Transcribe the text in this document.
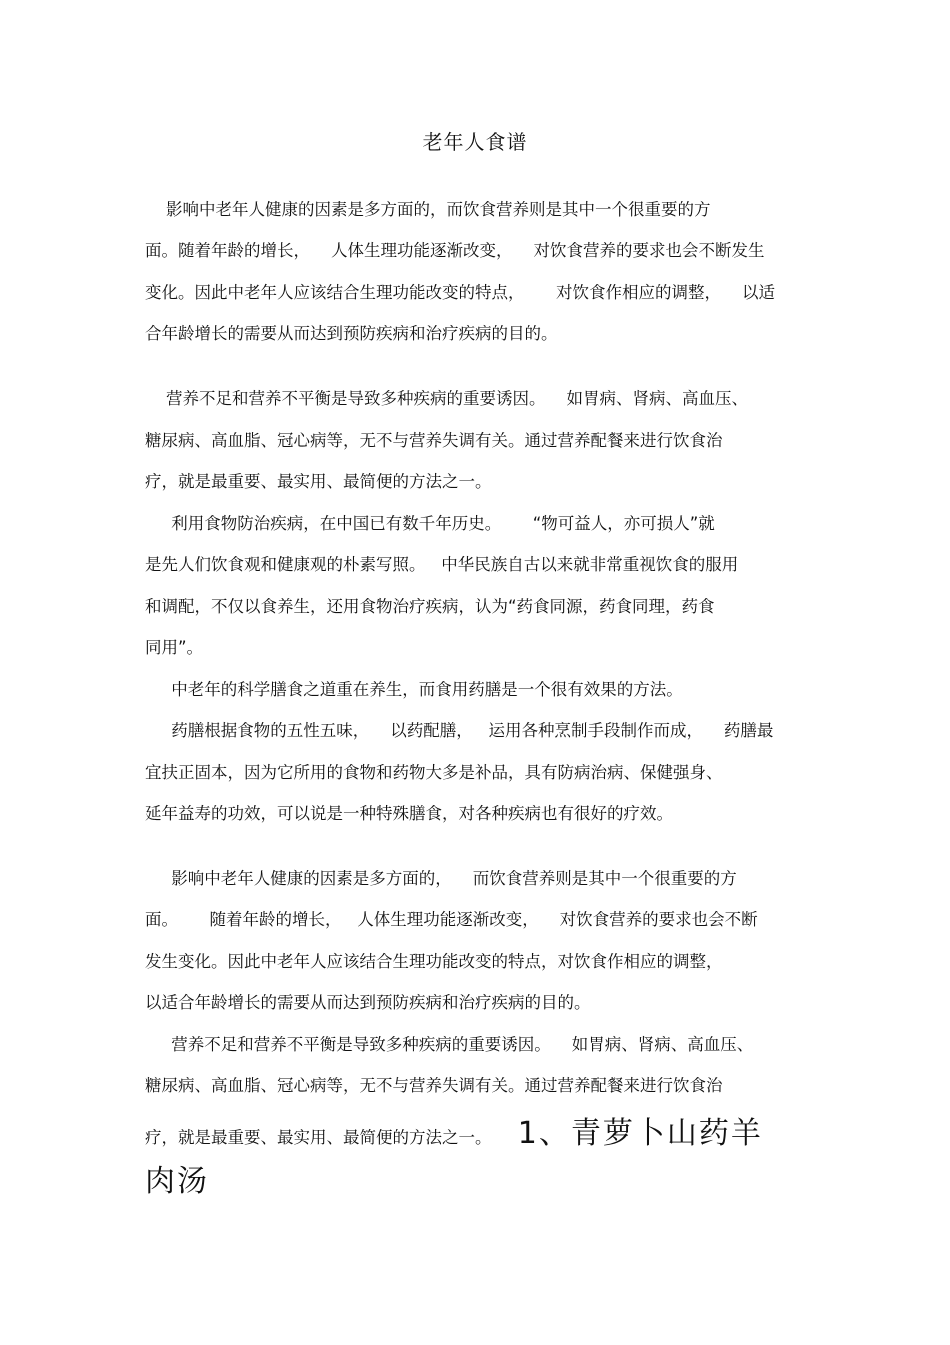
老年人食谱
影响中老年人健康的因素是多方面的，而饮食营养则是其中一个很重要的方
面。随着年龄的增长，    人体生理功能逐渐改变，    对饮食营养的要求也会不断发生
变化。因此中老年人应该结合生理功能改变的特点，      对饮食作相应的调整，    以适
合年龄增长的需要从而达到预防疾病和治疗疾病的目的。
营养不足和营养不平衡是导致多种疾病的重要诱因。    如胃病、肾病、高血压、
糖尿病、高血脂、冠心病等，无不与营养失调有关。通过营养配餐来进行饮食治
疗，就是最重要、最实用、最简便的方法之一。
利用食物防治疾病，在中国已有数千年历史。      “物可益人，亦可损人”就
是先人们饮食观和健康观的朴素写照。   中华民族自古以来就非常重视饮食的服用
和调配，不仅以食养生，还用食物治疗疾病，认为“药食同源，药食同理，药食
同用”。
中老年的科学膳食之道重在养生，而食用药膳是一个很有效果的方法。
药膳根据食物的五性五味，    以药配膳，   运用各种烹制手段制作而成，    药膳最
宜扶正固本，因为它所用的食物和药物大多是补品，具有防病治病、保健强身、
延年益寿的功效，可以说是一种特殊膳食，对各种疾病也有很好的疗效。
影响中老年人健康的因素是多方面的，    而饮食营养则是其中一个很重要的方
面。      随着年龄的增长，   人体生理功能逐渐改变，    对饮食营养的要求也会不断
发生变化。因此中老年人应该结合生理功能改变的特点，对饮食作相应的调整，
以适合年龄增长的需要从而达到预防疾病和治疗疾病的目的。
营养不足和营养不平衡是导致多种疾病的重要诱因。    如胃病、肾病、高血压、
糖尿病、高血脂、冠心病等，无不与营养失调有关。通过营养配餐来进行饮食治
疗，就是最重要、最实用、最简便的方法之一。     1、青萝卜山药羊
肉汤
